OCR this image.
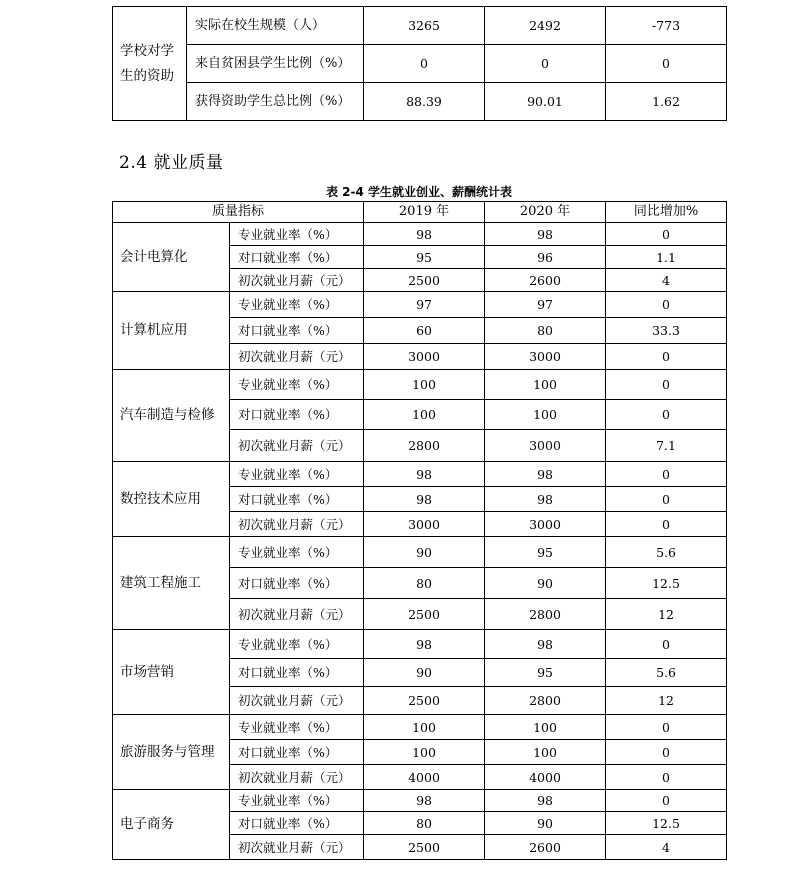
学校对学生的资助	实际在校生规模（人）	3265	2492	-773
	来自贫困县学生比例（%）	0	0	0
	获得资助学生总比例（%）	88.39	90.01	1.62
2.4 就业质量
表 2-4 学生就业创业、薪酬统计表
质量指标		2019 年	2020 年	同比增加%
会计电算化	专业就业率（%）	98	98	0
	对口就业率（%）	95	96	1.1
	初次就业月薪（元）	2500	2600	4
计算机应用	专业就业率（%）	97	97	0
	对口就业率（%）	60	80	33.3
	初次就业月薪（元）	3000	3000	0
汽车制造与检修	专业就业率（%）	100	100	0
	对口就业率（%）	100	100	0
	初次就业月薪（元）	2800	3000	7.1
数控技术应用	专业就业率（%）	98	98	0
	对口就业率（%）	98	98	0
	初次就业月薪（元）	3000	3000	0
建筑工程施工	专业就业率（%）	90	95	5.6
	对口就业率（%）	80	90	12.5
	初次就业月薪（元）	2500	2800	12
市场营销	专业就业率（%）	98	98	0
	对口就业率（%）	90	95	5.6
	初次就业月薪（元）	2500	2800	12
旅游服务与管理	专业就业率（%）	100	100	0
	对口就业率（%）	100	100	0
	初次就业月薪（元）	4000	4000	0
电子商务	专业就业率（%）	98	98	0
	对口就业率（%）	80	90	12.5
	初次就业月薪（元）	2500	2600	4
